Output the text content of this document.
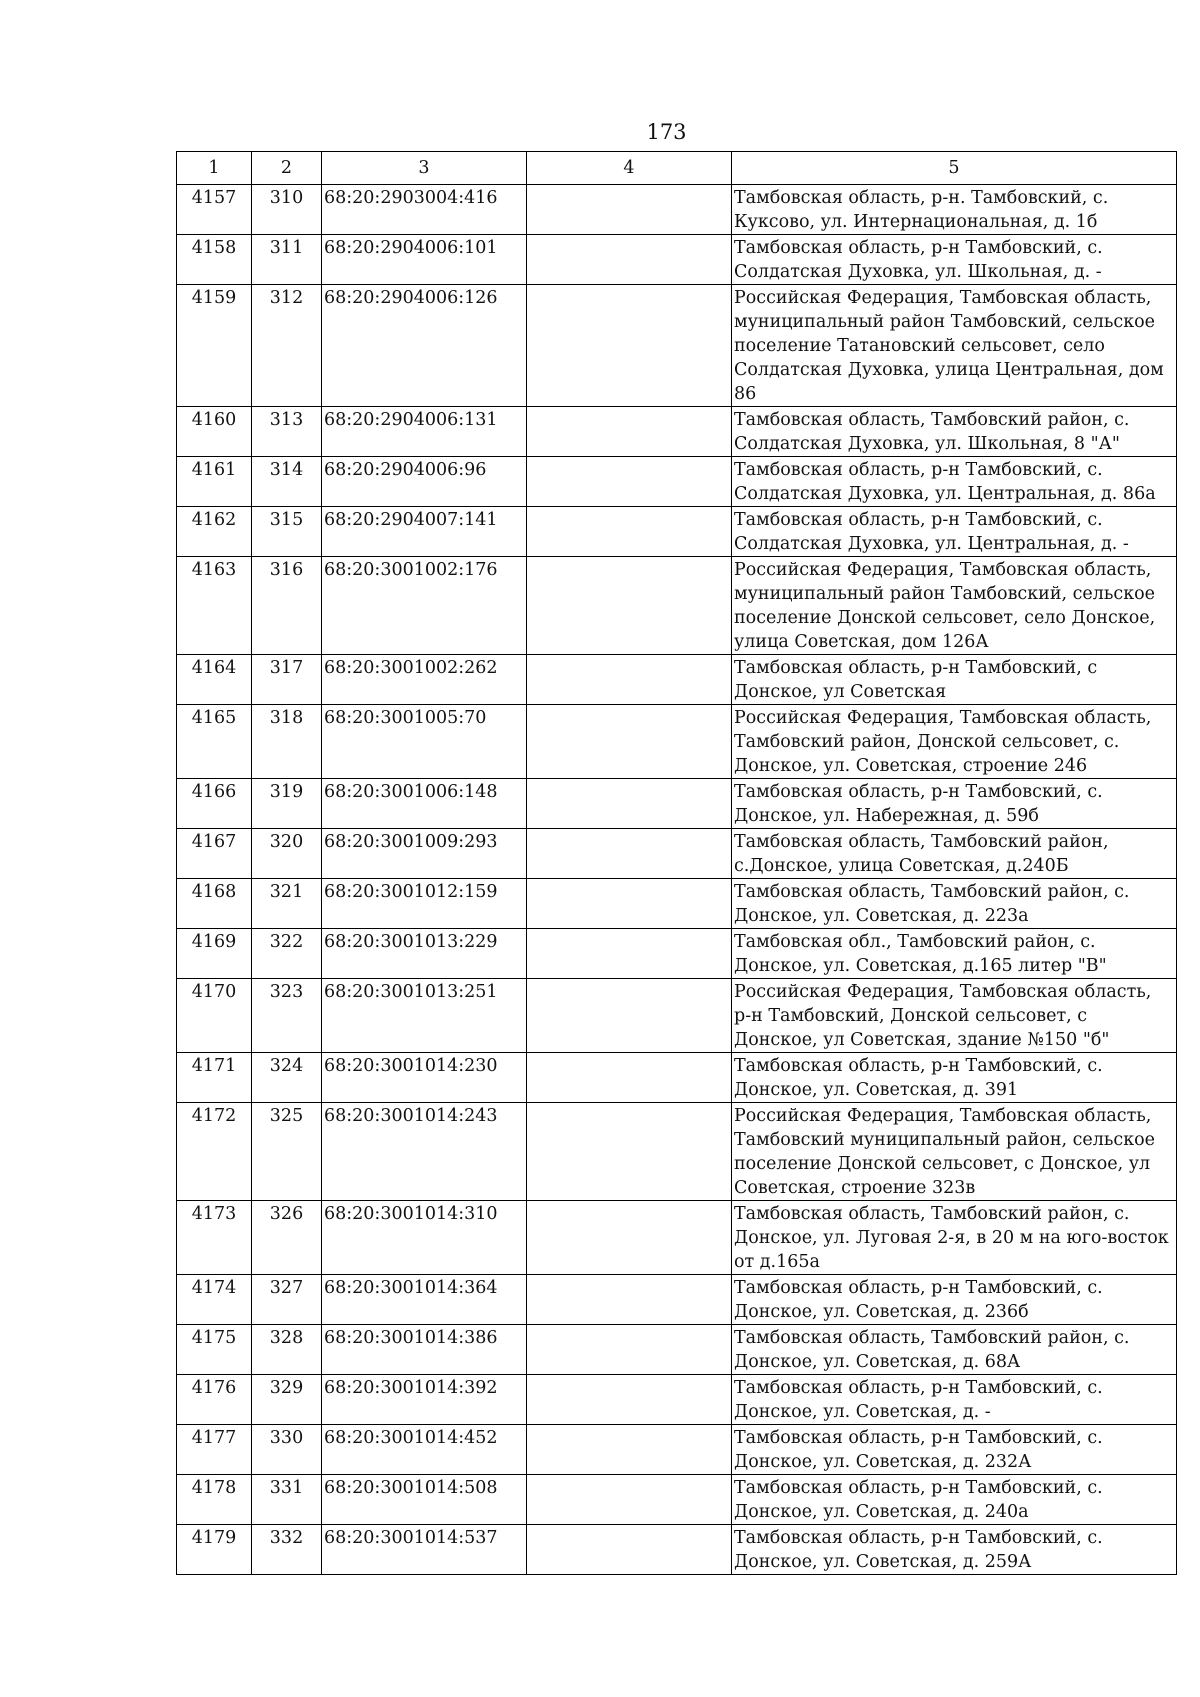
173
1	2	3	4	5
4157	310	68:20:2903004:416		Тамбовская область, р-н. Тамбовский, с. Куксово, ул. Интернациональная, д. 1б
4158	311	68:20:2904006:101		Тамбовская область, р-н Тамбовский, с. Солдатская Духовка, ул. Школьная, д. -
4159	312	68:20:2904006:126		Российская Федерация, Тамбовская область, муниципальный район Тамбовский, сельское поселение Татановский сельсовет, село Солдатская Духовка, улица Центральная, дом 86
4160	313	68:20:2904006:131		Тамбовская область, Тамбовский район, с. Солдатская Духовка, ул. Школьная, 8 "А"
4161	314	68:20:2904006:96		Тамбовская область, р-н Тамбовский, с. Солдатская Духовка, ул. Центральная, д. 86а
4162	315	68:20:2904007:141		Тамбовская область, р-н Тамбовский, с. Солдатская Духовка, ул. Центральная, д. -
4163	316	68:20:3001002:176		Российская Федерация, Тамбовская область, муниципальный район Тамбовский, сельское поселение Донской сельсовет, село Донское, улица Советская, дом 126А
4164	317	68:20:3001002:262		Тамбовская область, р-н Тамбовский, с Донское, ул Советская
4165	318	68:20:3001005:70		Российская Федерация, Тамбовская область, Тамбовский район, Донской сельсовет, с. Донское, ул. Советская, строение 246
4166	319	68:20:3001006:148		Тамбовская область, р-н Тамбовский, с. Донское, ул. Набережная, д. 59б
4167	320	68:20:3001009:293		Тамбовская область, Тамбовский район, с.Донское, улица Советская, д.240Б
4168	321	68:20:3001012:159		Тамбовская область, Тамбовский район, с. Донское, ул. Советская, д. 223а
4169	322	68:20:3001013:229		Тамбовская обл., Тамбовский район, с. Донское, ул. Советская, д.165 литер "В"
4170	323	68:20:3001013:251		Российская Федерация, Тамбовская область, р-н Тамбовский, Донской сельсовет, с Донское, ул Советская, здание №150 "б"
4171	324	68:20:3001014:230		Тамбовская область, р-н Тамбовский, с. Донское, ул. Советская, д. 391
4172	325	68:20:3001014:243		Российская Федерация, Тамбовская область, Тамбовский муниципальный район, сельское поселение Донской сельсовет, с Донское, ул Советская, строение 323в
4173	326	68:20:3001014:310		Тамбовская область, Тамбовский район, с. Донское, ул. Луговая 2-я, в 20 м на юго-восток от д.165а
4174	327	68:20:3001014:364		Тамбовская область, р-н Тамбовский, с. Донское, ул. Советская, д. 236б
4175	328	68:20:3001014:386		Тамбовская область, Тамбовский район, с. Донское, ул. Советская, д. 68А
4176	329	68:20:3001014:392		Тамбовская область, р-н Тамбовский, с. Донское, ул. Советская, д. -
4177	330	68:20:3001014:452		Тамбовская область, р-н Тамбовский, с. Донское, ул. Советская, д. 232А
4178	331	68:20:3001014:508		Тамбовская область, р-н Тамбовский, с. Донское, ул. Советская, д. 240а
4179	332	68:20:3001014:537		Тамбовская область, р-н Тамбовский, с. Донское, ул. Советская, д. 259А
